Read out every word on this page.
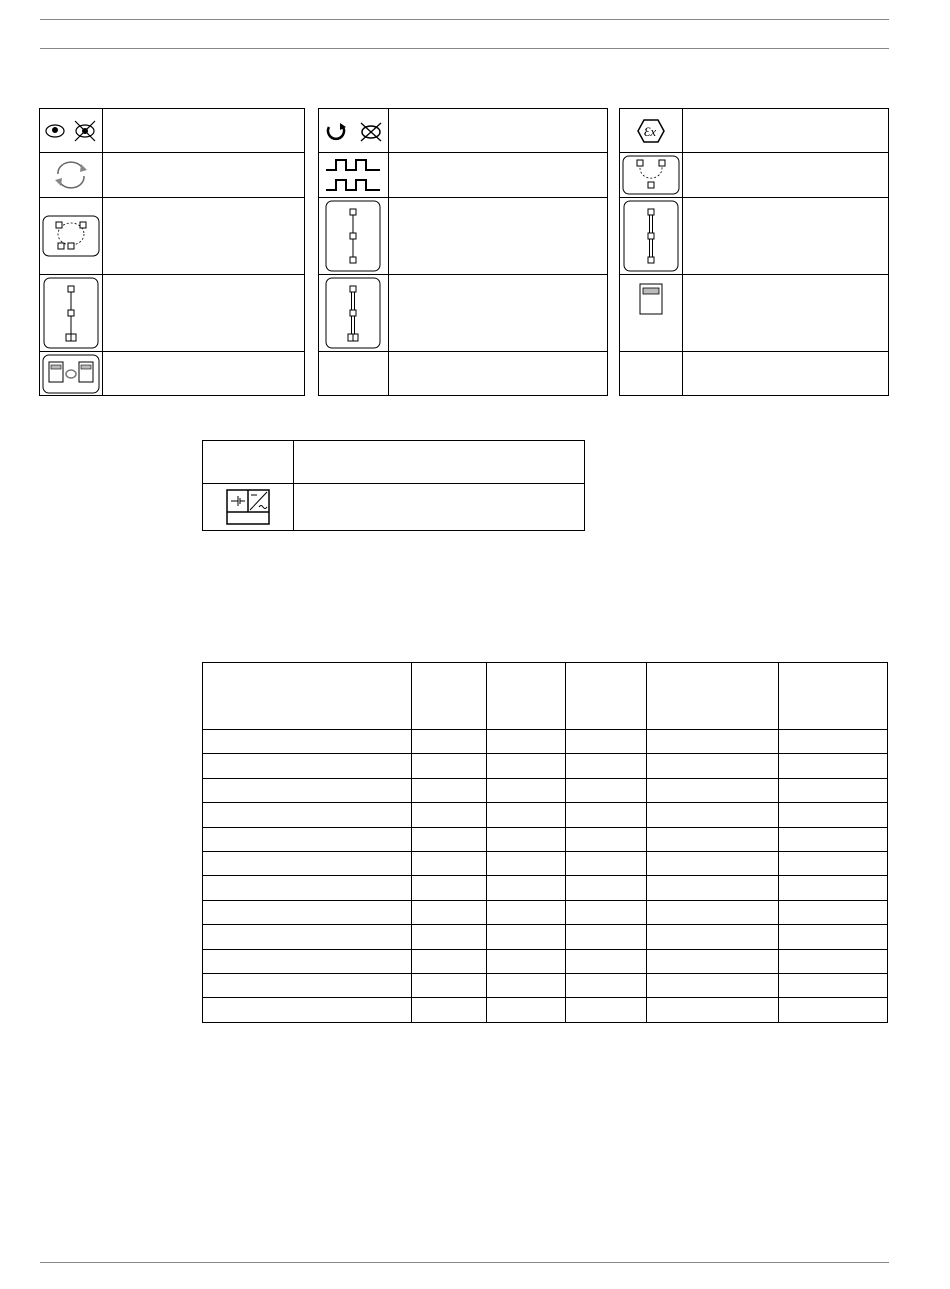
Ɛx	
